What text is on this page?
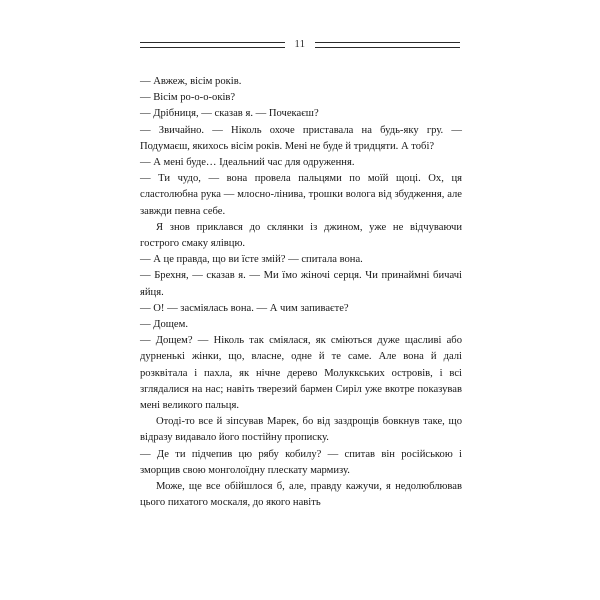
11

— Авжеж, вісім років.

— Вісім ро-о-о-оків?

— Дрібниця, — сказав я. — Почекаєш?

— Звичайно. — Ніколь охоче приставала на будь-яку гру. — Подумаєш, якихось вісім років. Мені не буде й тридцяти. А тобі?

— А мені буде… Ідеальний час для одруження.

— Ти чудо, — вона провела пальцями по моїй щоці. Ох, ця сластолюбна рука — млосно-лінива, трошки волога від збудження, але завжди певна себе.

Я знов приклався до склянки із джином, уже не відчуваючи гострого смаку ялівцю.

— А це правда, що ви їсте змій? — спитала вона.

— Брехня, — сказав я. — Ми їмо жіночі серця. Чи принаймні бичачі яйця.

— О! — засміялась вона. — А чим запиваєте?

— Дощем.

— Дощем? — Ніколь так сміялася, як сміються дуже щасливі або дурненькі жінки, що, власне, одне й те саме. Але вона й далі розквітала і пахла, як нічне дерево Молуккських островів, і всі зглядалися на нас; навіть тверезий бармен Сиріл уже вкотре показував мені великого пальця.

Отоді-то все й зіпсував Марек, бо від заздрощів бовкнув таке, що відразу видавало його постійну прописку.

— Де ти підчепив цю рябу кобилу? — спитав він російською і зморщив свою монголоїдну плескату мармизу.

Може, ще все обійшлося б, але, правду кажучи, я недолюблював цього пихатого москаля, до якого навіть
